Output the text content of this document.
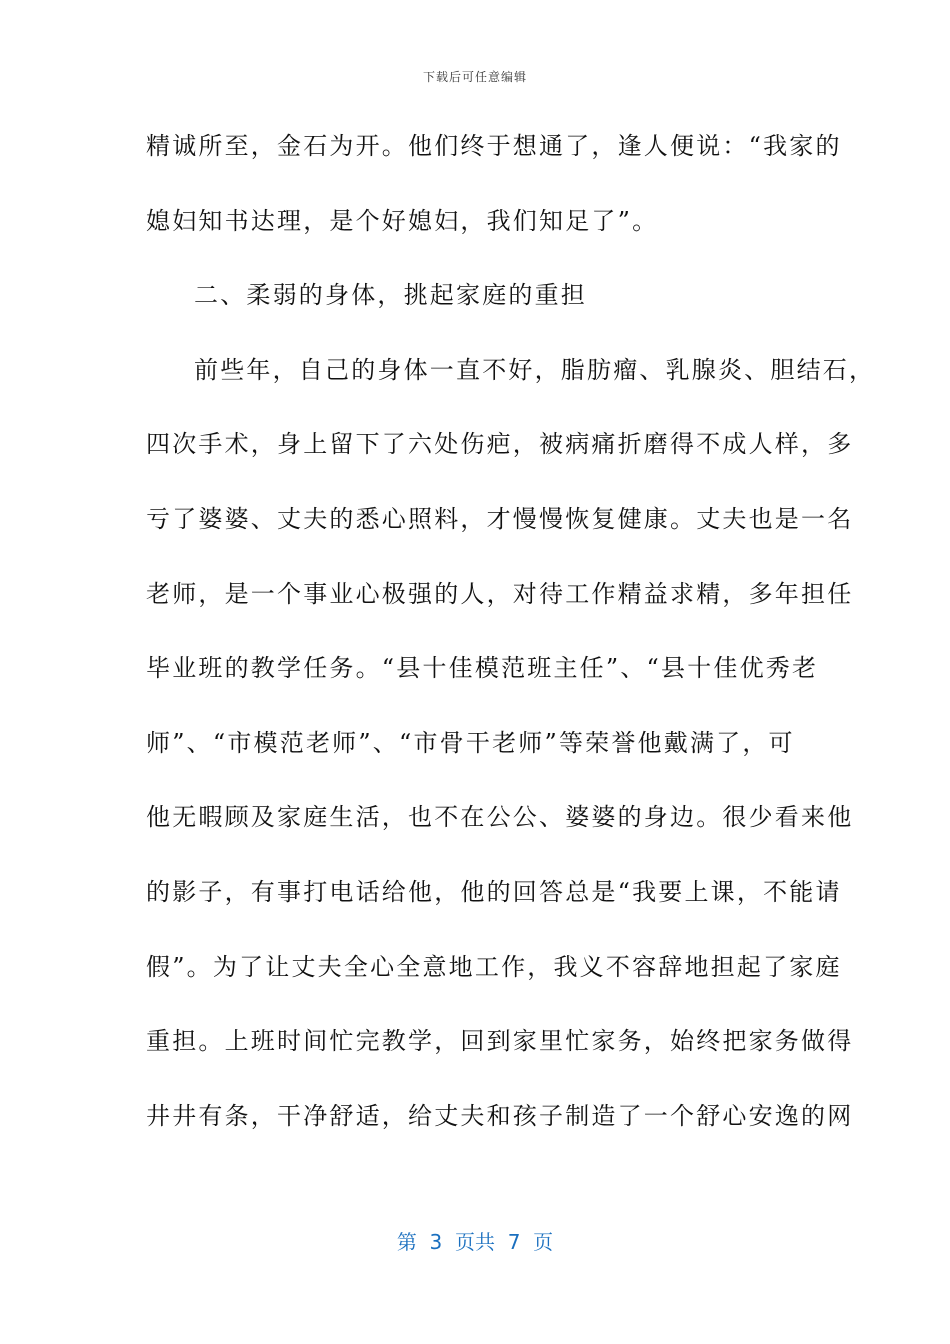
下载后可任意编辑
精诚所至，金石为开。他们终于想通了，逢人便说：“我家的
媳妇知书达理，是个好媳妇，我们知足了”。
二、柔弱的身体，挑起家庭的重担
前些年，自己的身体一直不好，脂肪瘤、乳腺炎、胆结石，
四次手术，身上留下了六处伤疤，被病痛折磨得不成人样，多
亏了婆婆、丈夫的悉心照料，才慢慢恢复健康。丈夫也是一名
老师，是一个事业心极强的人，对待工作精益求精，多年担任
毕业班的教学任务。“县十佳模范班主任”、“县十佳优秀老
师”、“市模范老师”、“市骨干老师”等荣誉他戴满了，可
他无暇顾及家庭生活，也不在公公、婆婆的身边。很少看来他
的影子，有事打电话给他，他的回答总是“我要上课，不能请
假”。为了让丈夫全心全意地工作，我义不容辞地担起了家庭
重担。上班时间忙完教学，回到家里忙家务，始终把家务做得
井井有条，干净舒适，给丈夫和孩子制造了一个舒心安逸的网
第  3  页共  7  页
